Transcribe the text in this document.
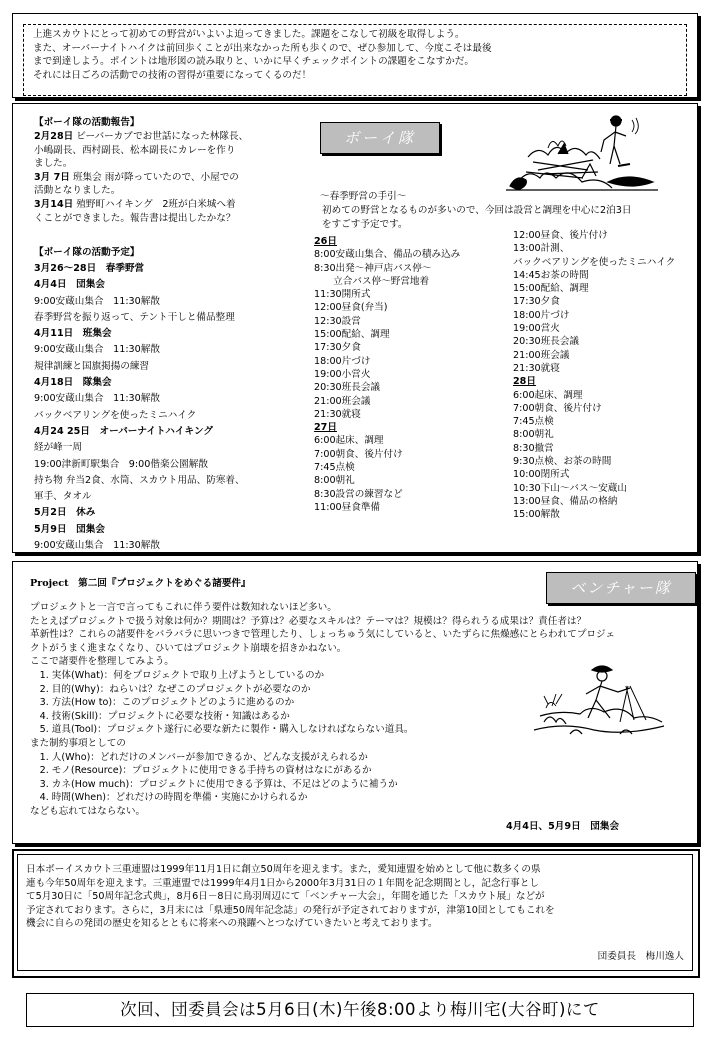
上進スカウトにとって初めての野営がいよいよ迫ってきました。課題をこなして初級を取得しよう。
また、オーバーナイトハイクは前回歩くことが出来なかった所も歩くので、ぜひ参加して、今度こそは最後
まで到達しよう。ポイントは地形図の読み取りと、いかに早くチェックポイントの課題をこなすかだ。
それには日ごろの活動での技術の習得が重要になってくるのだ！
ボーイ隊
【ボーイ隊の活動報告】
2月28日 ビーバーカブでお世話になった林隊長、
小嶋副長、西村副長、松本副長にカレーを作り
ました。
3月 7日 班集会 雨が降っていたので、小屋での
活動となりました。
3月14日 殖野町ハイキング　2班が白米城へ着
くことができました。報告書は提出したかな？
【ボーイ隊の活動予定】
3月26～28日　春季野営
4月4日　団集会
9:00安蔵山集合　11:30解散
春季野営を振り返って、テント干しと備品整理
4月11日　班集会
9:00安蔵山集合　11:30解散
規律訓練と国旗掲揚の練習
4月18日　隊集会
9:00安蔵山集合　11:30解散
バックベアリングを使ったミニハイク
4月24 25日　オーバーナイトハイキング
経が峰一周
19:00津新町駅集合　9:00偕楽公園解散
持ち物 弁当2食、水筒、スカウト用品、防寒着、
軍手、タオル
5月2日　休み
5月9日　団集会
9:00安蔵山集合　11:30解散
～春季野営の手引～
初めての野営となるものが多いので、今回は設営と調理を中心に2泊3日
をすごす予定です。
26日
8:00安蔵山集合、備品の積み込み
8:30出発～神戸店バス停～
　　立合バス停～野営地着
11:30開所式
12:00昼食(弁当)
12:30設営
15:00配給、調理
17:30夕食
18:00片づけ
19:00小営火
20:30班長会議
21:00班会議
21:30就寝
27日
6:00起床、調理
7:00朝食、後片付け
7:45点検
8:00朝礼
8:30設営の練習など
11:00昼食準備
12:00昼食、後片付け
13:00計測、
バックベアリングを使ったミニハイク
14:45お茶の時間
15:00配給、調理
17:30夕食
18:00片づけ
19:00営火
20:30班長会議
21:00班会議
21:30就寝
28日
6:00起床、調理
7:00朝食、後片付け
7:45点検
8:00朝礼
8:30撤営
9:30点検、お茶の時間
10:00閉所式
10:30下山～バス～安蔵山
13:00昼食、備品の格納
15:00解散
ベンチャー隊
Project　第二回『プロジェクトをめぐる諸要件』
プロジェクトと一言で言ってもこれに伴う要件は数知れないほど多い。
たとえばプロジェクトで扱う対象は何か？期間は？予算は？必要なスキルは？テーマは？規模は？得られうる成果は？責任者は？
革新性は？これらの諸要件をバラバラに思いつきで管理したり、しょっちゅう気にしていると、いたずらに焦燥感にとらわれてプロジェ
クトがうまく進まなくなり、ひいてはプロジェクト崩壊を招きかねない。
ここで諸要件を整理してみよう。
　1. 実体(What)：何をプロジェクトで取り上げようとしているのか
　2. 目的(Why)：ねらいは？なぜこのプロジェクトが必要なのか
　3. 方法(How to)：このプロジェクトどのように進めるのか
　4. 技術(Skill)：プロジェクトに必要な技術・知識はあるか
　5. 道具(Tool)：プロジェクト遂行に必要な新たに製作・購入しなければならない道具。
また制約事項としての
　1. 人(Who)：どれだけのメンバーが参加できるか、どんな支援がえられるか
　2. モノ(Resource)：プロジェクトに使用できる手持ちの資材はなにがあるか
　3. カネ(How much)：プロジェクトに使用できる予算は、不足はどのように補うか
　4. 時間(When)：どれだけの時間を準備・実施にかけられるか
なども忘れてはならない。
4月4日、5月9日　団集会
日本ボーイスカウト三重連盟は1999年11月1日に創立50周年を迎えます。また，愛知連盟を始めとして他に数多くの県
連も今年50周年を迎えます。三重連盟では1999年4月1日から2000年3月31日の１年間を記念期間とし，記念行事とし
て5月30日に「50周年記念式典」，8月6日－8日に鳥羽周辺にて「ベンチャー大会」，年間を通じた「スカウト展」などが
予定されております。さらに，3月末には「県連50周年記念誌」の発行が予定されておりますが，津第10団としてもこれを
機会に自らの発団の歴史を知るとともに将来への飛躍へとつなげていきたいと考えております。
団委員長　梅川逸人
次回、団委員会は5月6日(木)午後8:00より梅川宅(大谷町)にて
